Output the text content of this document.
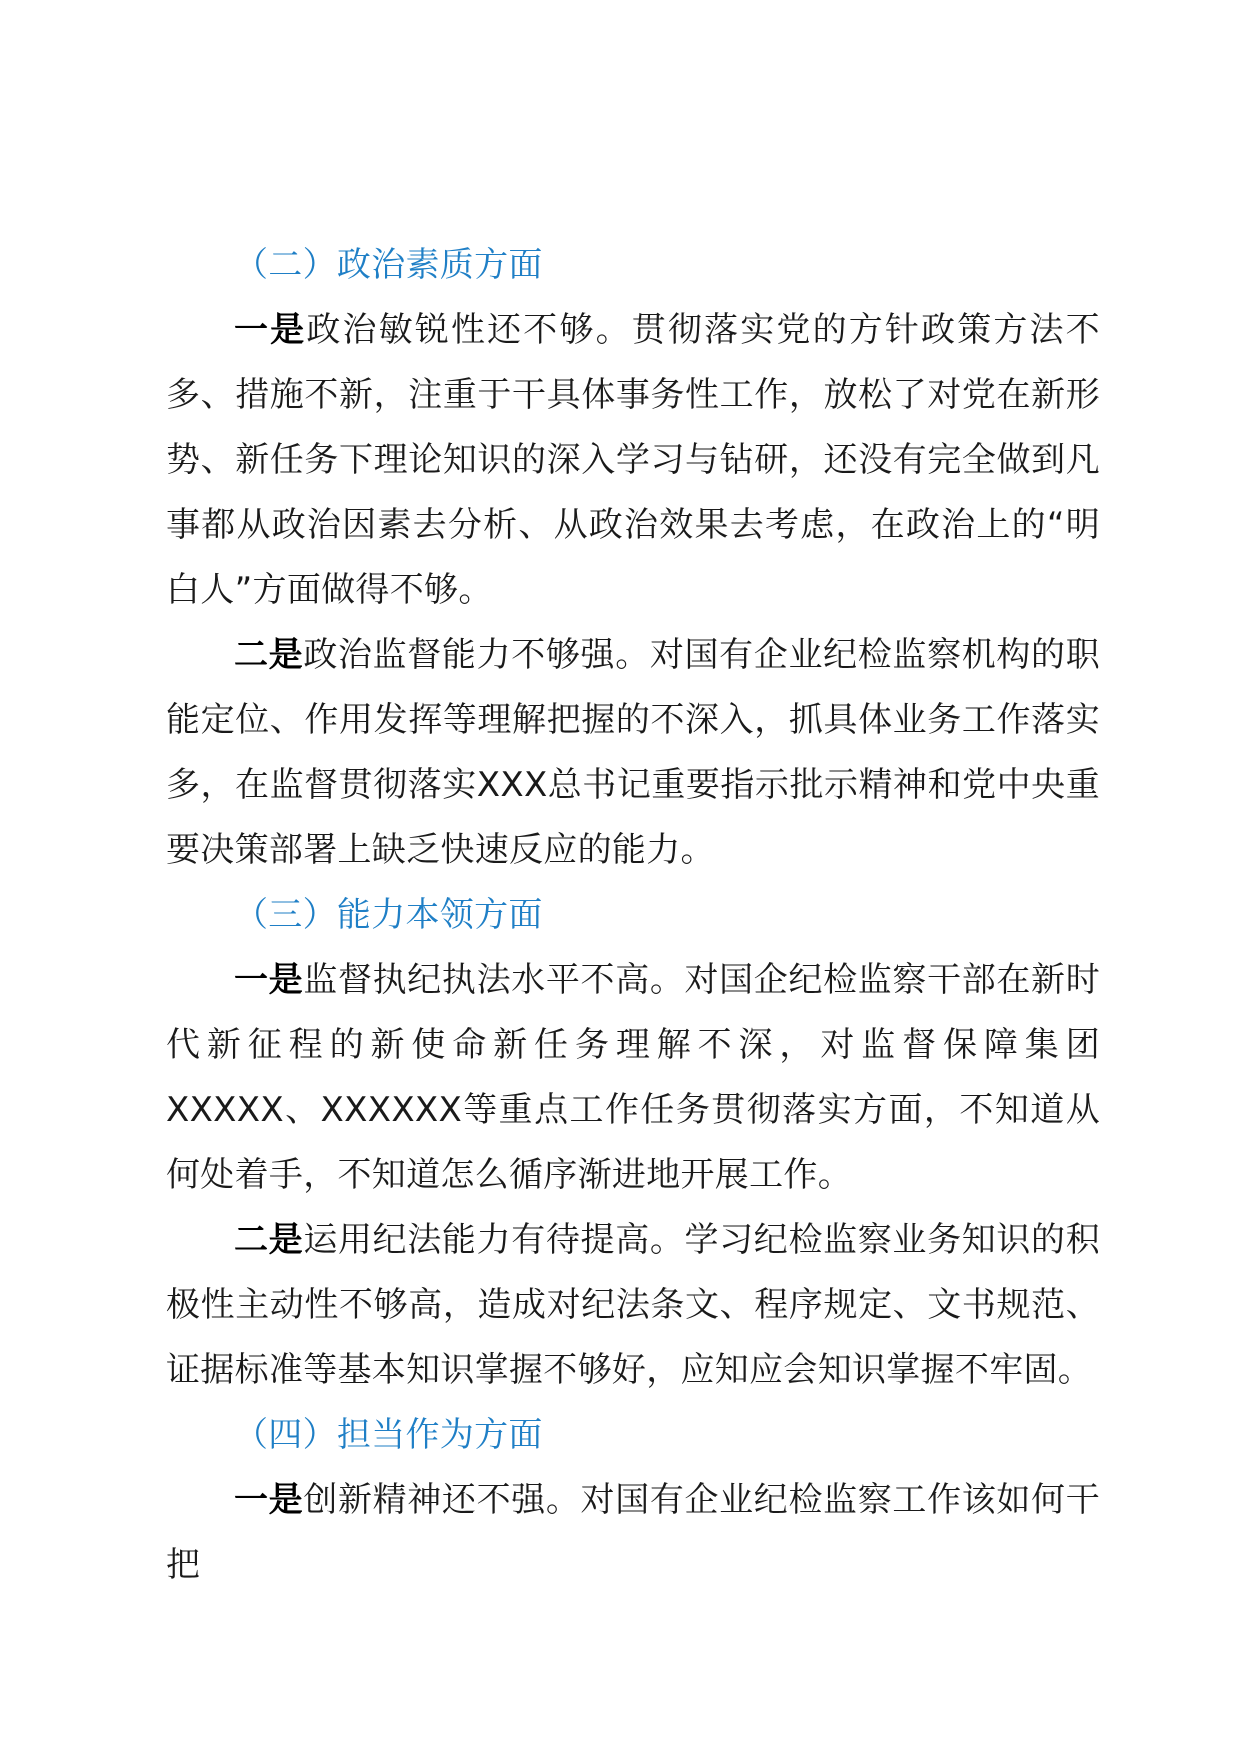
（二）政治素质方面

一是政治敏锐性还不够。贯彻落实党的方针政策方法不多、措施不新，注重于干具体事务性工作，放松了对党在新形势、新任务下理论知识的深入学习与钻研，还没有完全做到凡事都从政治因素去分析、从政治效果去考虑，在政治上的“明白人”方面做得不够。

二是政治监督能力不够强。对国有企业纪检监察机构的职能定位、作用发挥等理解把握的不深入，抓具体业务工作落实多，在监督贯彻落实XXX总书记重要指示批示精神和党中央重要决策部署上缺乏快速反应的能力。

（三）能力本领方面

一是监督执纪执法水平不高。对国企纪检监察干部在新时代新征程的新使命新任务理解不深，对监督保障集团XXXXX、XXXXXX等重点工作任务贯彻落实方面，不知道从何处着手，不知道怎么循序渐进地开展工作。

二是运用纪法能力有待提高。学习纪检监察业务知识的积极性主动性不够高，造成对纪法条文、程序规定、文书规范、证据标准等基本知识掌握不够好，应知应会知识掌握不牢固。

（四）担当作为方面

一是创新精神还不强。对国有企业纪检监察工作该如何干把
